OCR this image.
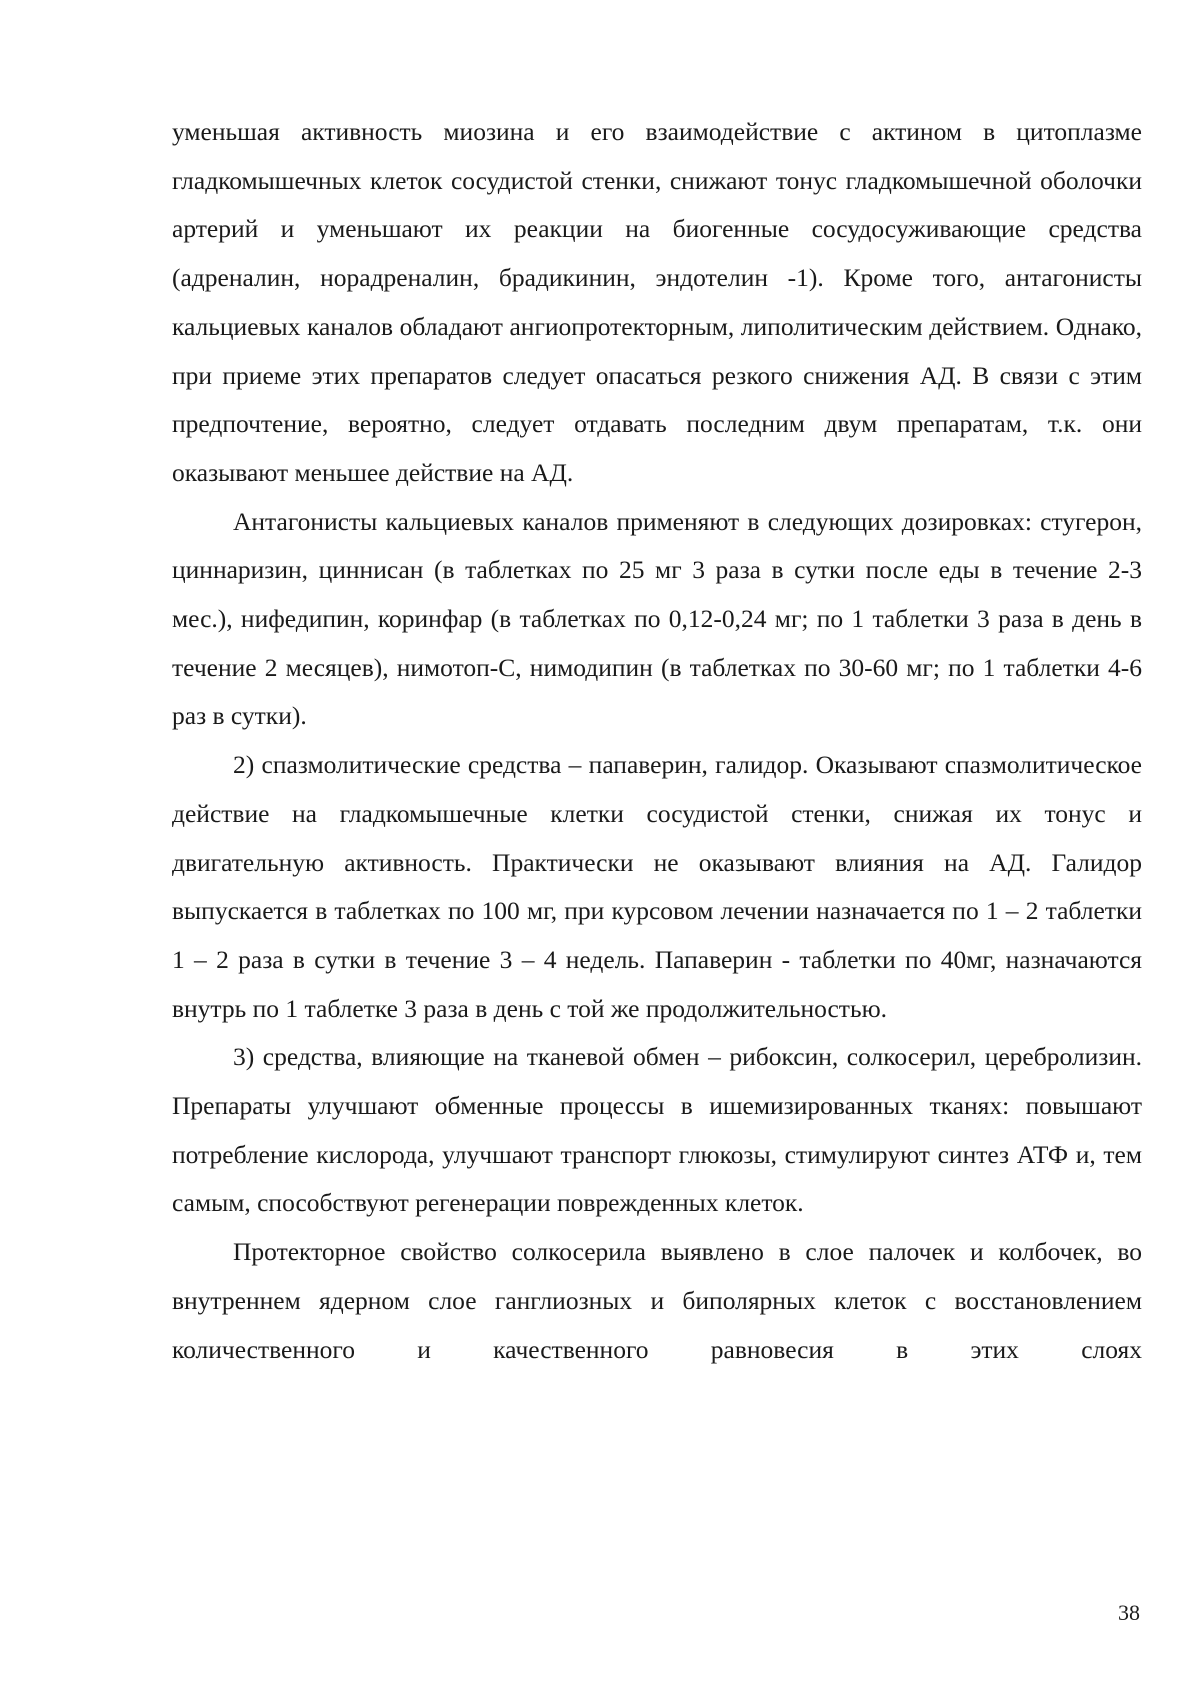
уменьшая активность миозина и его взаимодействие с актином в цитоплазме гладкомышечных клеток сосудистой стенки, снижают тонус гладкомышечной оболочки артерий и уменьшают их реакции на биогенные сосудосуживающие средства (адреналин, норадреналин, брадикинин, эндотелин -1). Кроме того, антагонисты кальциевых каналов обладают ангиопротекторным, липолитическим действием. Однако, при приеме этих препаратов следует опасаться резкого снижения АД. В связи с этим предпочтение, вероятно, следует отдавать последним двум препаратам, т.к. они оказывают меньшее действие на АД.

Антагонисты кальциевых каналов применяют в следующих дозировках: стугерон, циннаризин, циннисан (в таблетках по 25 мг 3 раза в сутки после еды в течение 2-3 мес.), нифедипин, коринфар (в таблетках по 0,12-0,24 мг; по 1 таблетки 3 раза в день в течение 2 месяцев), нимотоп-С, нимодипин (в таблетках по 30-60 мг; по 1 таблетки 4-6 раз в сутки).

2) спазмолитические средства – папаверин, галидор. Оказывают спазмолитическое действие на гладкомышечные клетки сосудистой стенки, снижая их тонус и двигательную активность. Практически не оказывают влияния на АД. Галидор выпускается в таблетках по 100 мг, при курсовом лечении назначается по 1 – 2 таблетки 1 – 2 раза в сутки в течение 3 – 4 недель. Папаверин - таблетки по 40мг, назначаются внутрь по 1 таблетке 3 раза в день с той же продолжительностью.

3) средства, влияющие на тканевой обмен – рибоксин, солкосерил, церебролизин. Препараты улучшают обменные процессы в ишемизированных тканях: повышают потребление кислорода, улучшают транспорт глюкозы, стимулируют синтез АТФ и, тем самым, способствуют регенерации поврежденных клеток.

Протекторное свойство солкосерила выявлено в слое палочек и колбочек, во внутреннем ядерном слое ганглиозных и биполярных клеток с восстановлением количественного и качественного равновесия в этих слоях

38
